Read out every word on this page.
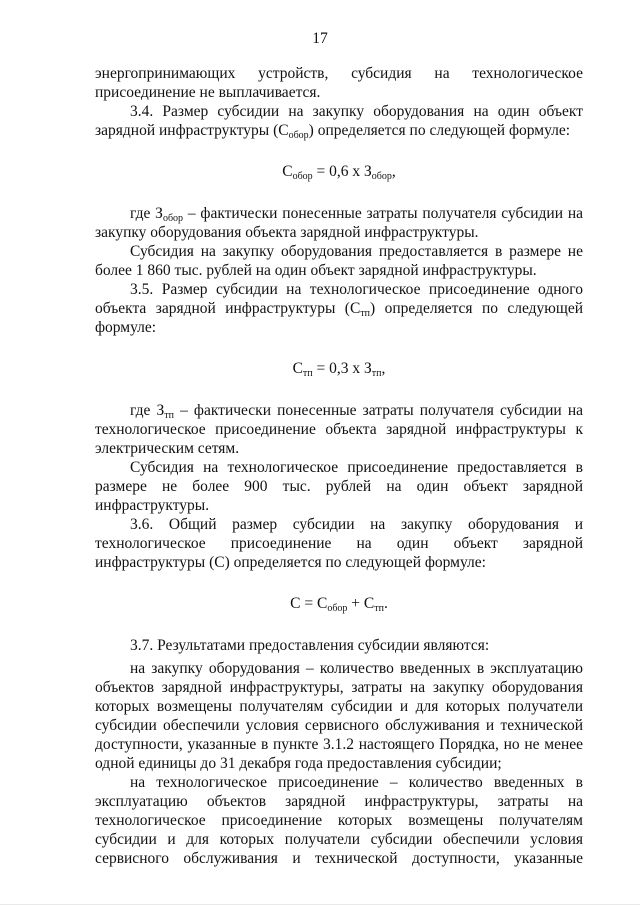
17

энергопринимающих устройств, субсидия на технологическое присоединение не выплачивается.

3.4. Размер субсидии на закупку оборудования на один объект зарядной инфраструктуры $(С_{обор})$ определяется по следующей формуле:

$С_{обор} = 0,6$ х $З_{обор}$,

где $З_{обор}$ – фактически понесенные затраты получателя субсидии на закупку оборудования объекта зарядной инфраструктуры.

Субсидия на закупку оборудования предоставляется в размере не более 1 860 тыс. рублей на один объект зарядной инфраструктуры.

3.5. Размер субсидии на технологическое присоединение одного объекта зарядной инфраструктуры $(С_{тп})$ определяется по следующей формуле:

$С_{тп} = 0,3$ х $З_{тп}$,

где $З_{тп}$ – фактически понесенные затраты получателя субсидии на технологическое присоединение объекта зарядной инфраструктуры к электрическим сетям.

Субсидия на технологическое присоединение предоставляется в размере не более 900 тыс. рублей на один объект зарядной инфраструктуры.

3.6. Общий размер субсидии на закупку оборудования и технологическое присоединение на один объект зарядной инфраструктуры (С) определяется по следующей формуле:

$С = С_{обор} + С_{тп}$.

3.7. Результатами предоставления субсидии являются:

на закупку оборудования – количество введенных в эксплуатацию объектов зарядной инфраструктуры, затраты на закупку оборудования которых возмещены получателям субсидии и для которых получатели субсидии обеспечили условия сервисного обслуживания и технической доступности, указанные в пункте 3.1.2 настоящего Порядка, но не менее одной единицы до 31 декабря года предоставления субсидии;

на технологическое присоединение – количество введенных в эксплуатацию объектов зарядной инфраструктуры, затраты на технологическое присоединение которых возмещены получателям субсидии и для которых получатели субсидии обеспечили условия сервисного обслуживания и технической доступности, указанные
